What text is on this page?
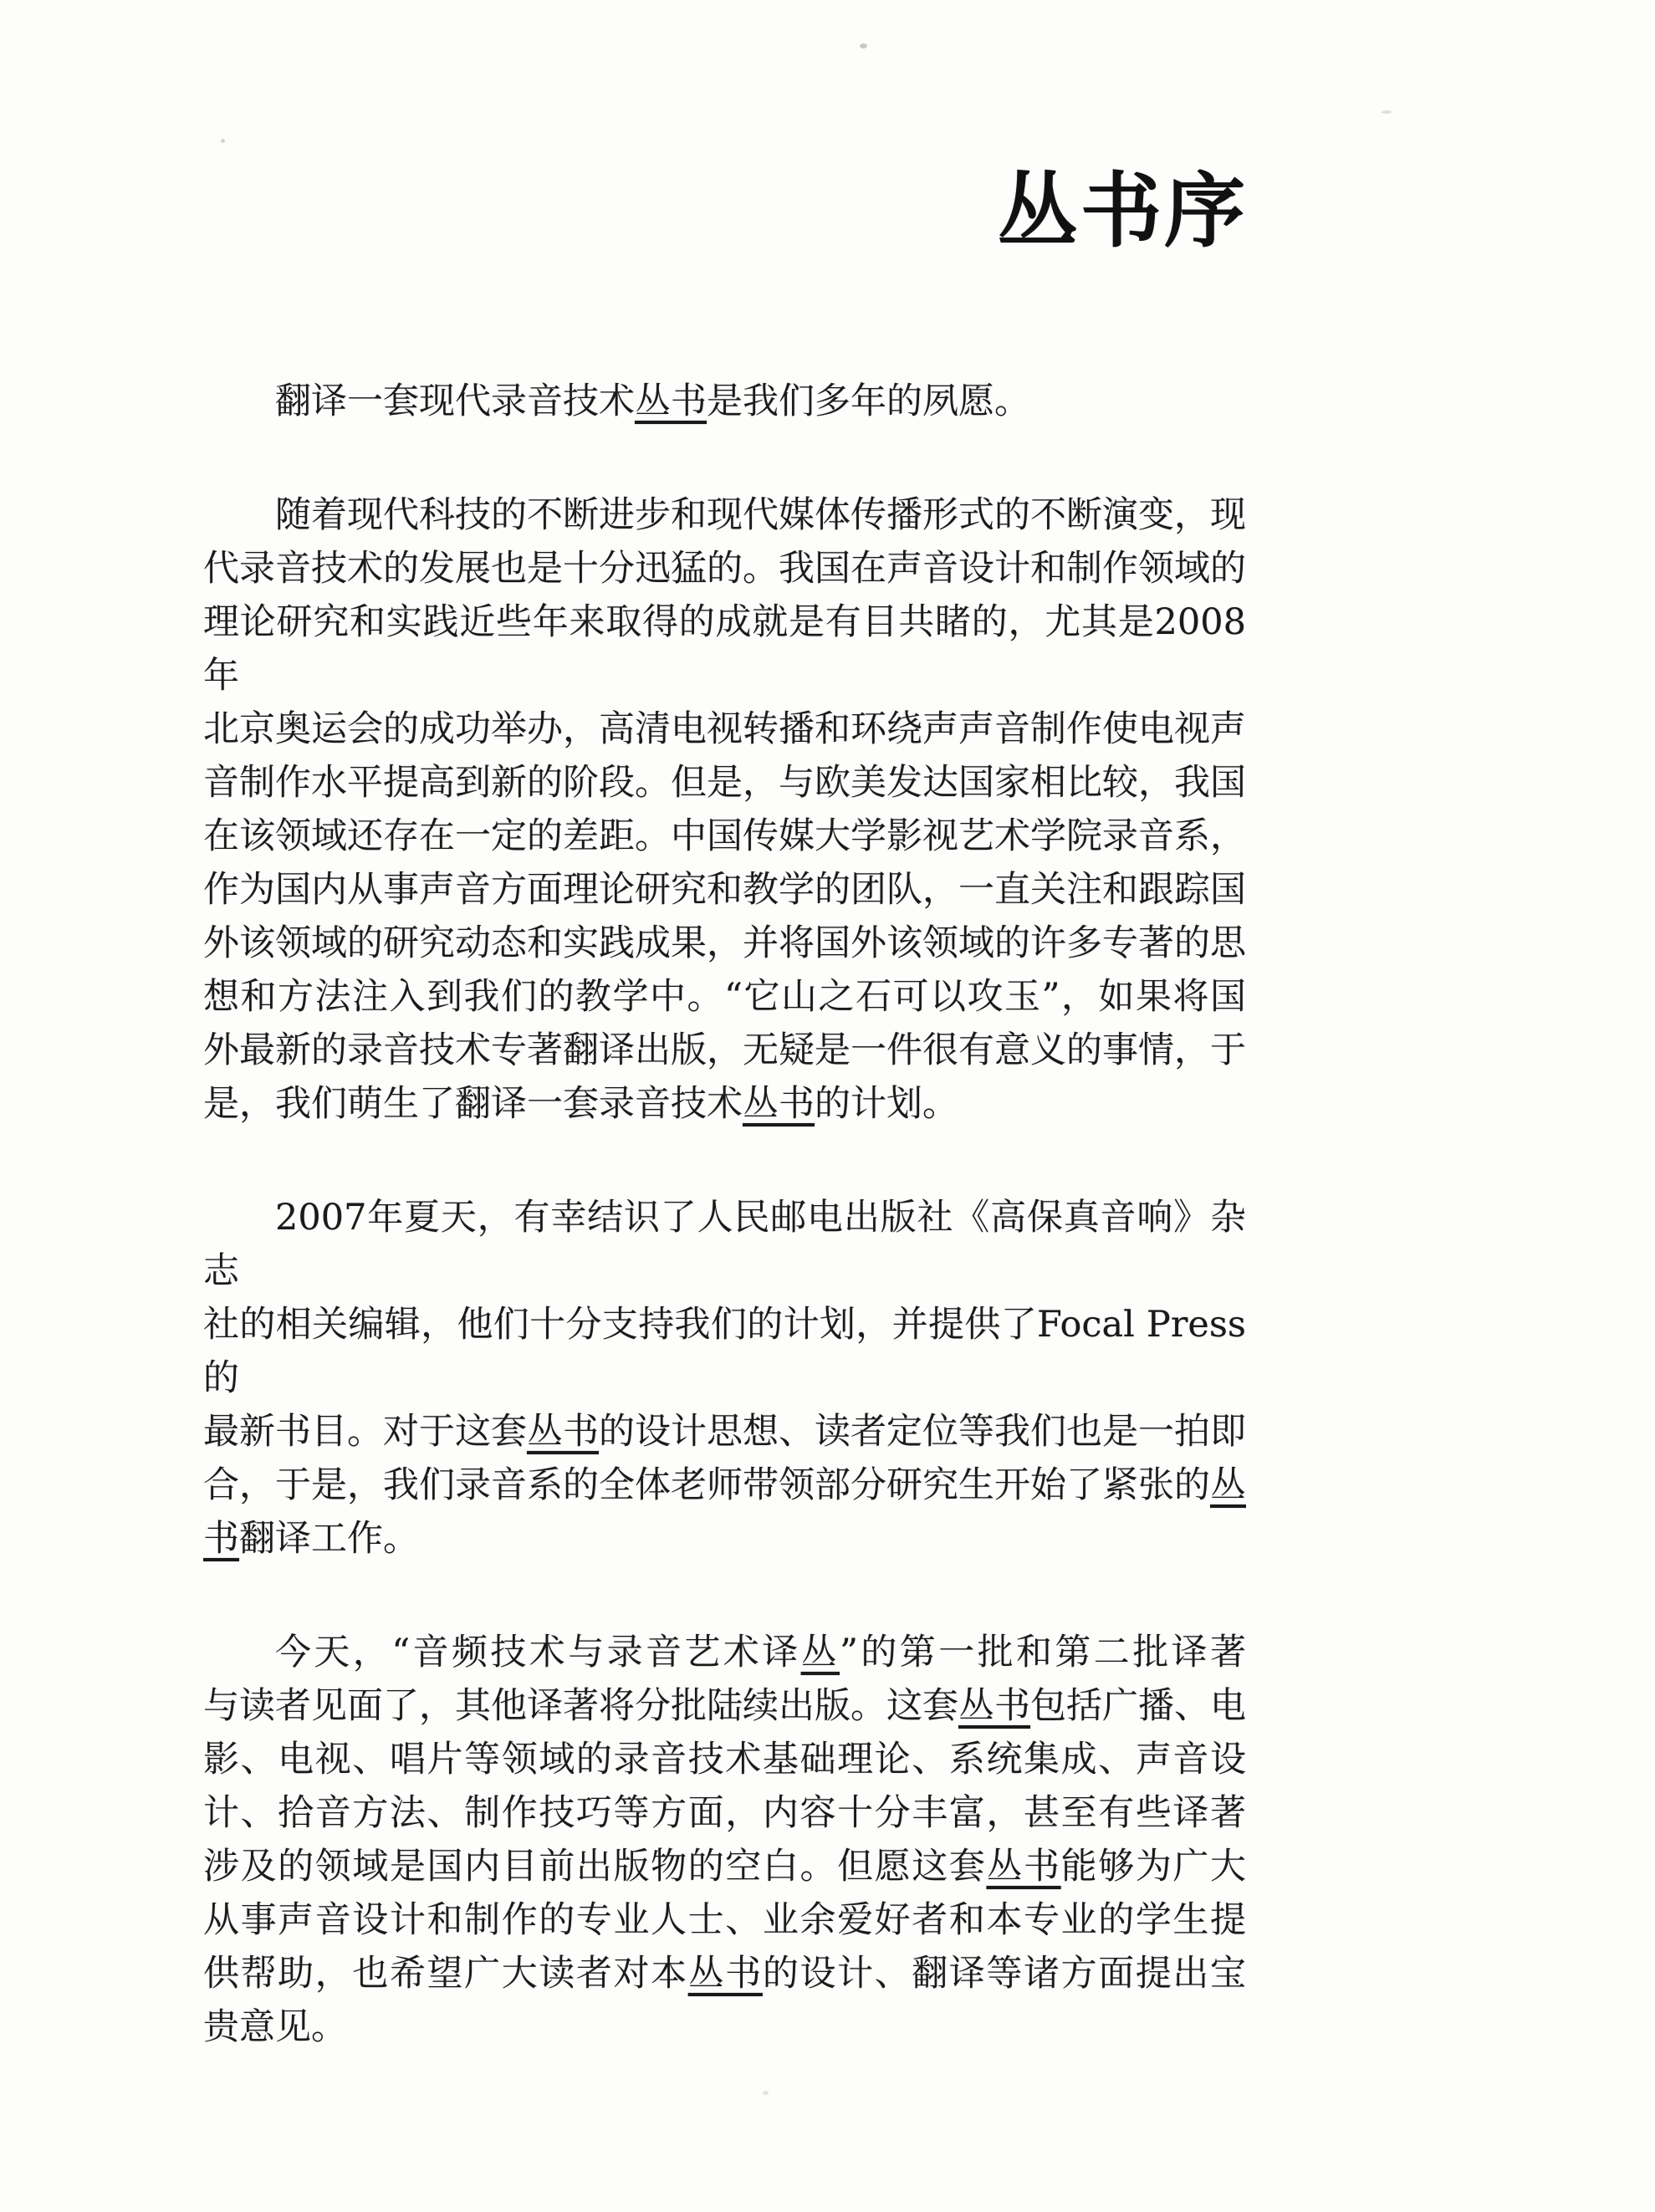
丛书序
翻译一套现代录音技术丛书是我们多年的夙愿。
随着现代科技的不断进步和现代媒体传播形式的不断演变，现
代录音技术的发展也是十分迅猛的。我国在声音设计和制作领域的
理论研究和实践近些年来取得的成就是有目共睹的，尤其是2008年
北京奥运会的成功举办，高清电视转播和环绕声声音制作使电视声
音制作水平提高到新的阶段。但是，与欧美发达国家相比较，我国
在该领域还存在一定的差距。中国传媒大学影视艺术学院录音系，
作为国内从事声音方面理论研究和教学的团队，一直关注和跟踪国
外该领域的研究动态和实践成果，并将国外该领域的许多专著的思
想和方法注入到我们的教学中。“它山之石可以攻玉”，如果将国
外最新的录音技术专著翻译出版，无疑是一件很有意义的事情，于
是，我们萌生了翻译一套录音技术丛书的计划。
2007年夏天，有幸结识了人民邮电出版社《高保真音响》杂志
社的相关编辑，他们十分支持我们的计划，并提供了Focal Press的
最新书目。对于这套丛书的设计思想、读者定位等我们也是一拍即
合，于是，我们录音系的全体老师带领部分研究生开始了紧张的丛
书翻译工作。
今天，“音频技术与录音艺术译丛”的第一批和第二批译著
与读者见面了，其他译著将分批陆续出版。这套丛书包括广播、电
影、电视、唱片等领域的录音技术基础理论、系统集成、声音设
计、拾音方法、制作技巧等方面，内容十分丰富，甚至有些译著
涉及的领域是国内目前出版物的空白。但愿这套丛书能够为广大
从事声音设计和制作的专业人士、业余爱好者和本专业的学生提
供帮助，也希望广大读者对本丛书的设计、翻译等诸方面提出宝
贵意见。
